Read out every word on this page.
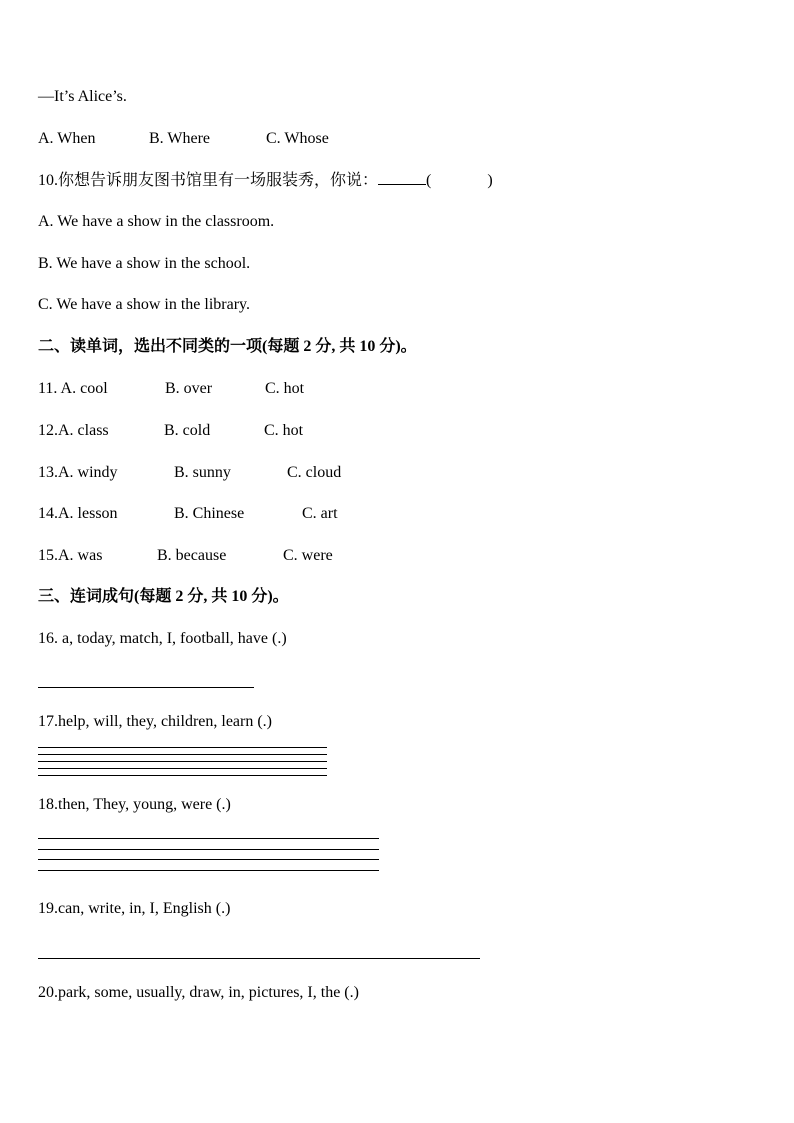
—It’s Alice’s.
A. When	B. Where	C. Whose
10.你想告诉朋友图书馆里有一场服装秀，你说：	(	)
A. We have a show in the classroom.
B. We have a show in the school.
C. We have a show in the library.
二、读单词，选出不同类的一项(每题 2 分, 共 10 分)。
11. A. cool	B. over	C. hot
12.A. class	B. cold	C. hot
13.A. windy	B. sunny	C. cloud
14.A. lesson	B. Chinese	C. art
15.A. was	B. because	C. were
三、连词成句(每题 2 分, 共 10 分)。
16. a, today, match, I, football, have (.)
17.help, will, they, children, learn (.)
18.then, They, young, were (.)
19.can, write, in, I, English (.)
20.park, some, usually, draw, in, pictures, I, the (.)
